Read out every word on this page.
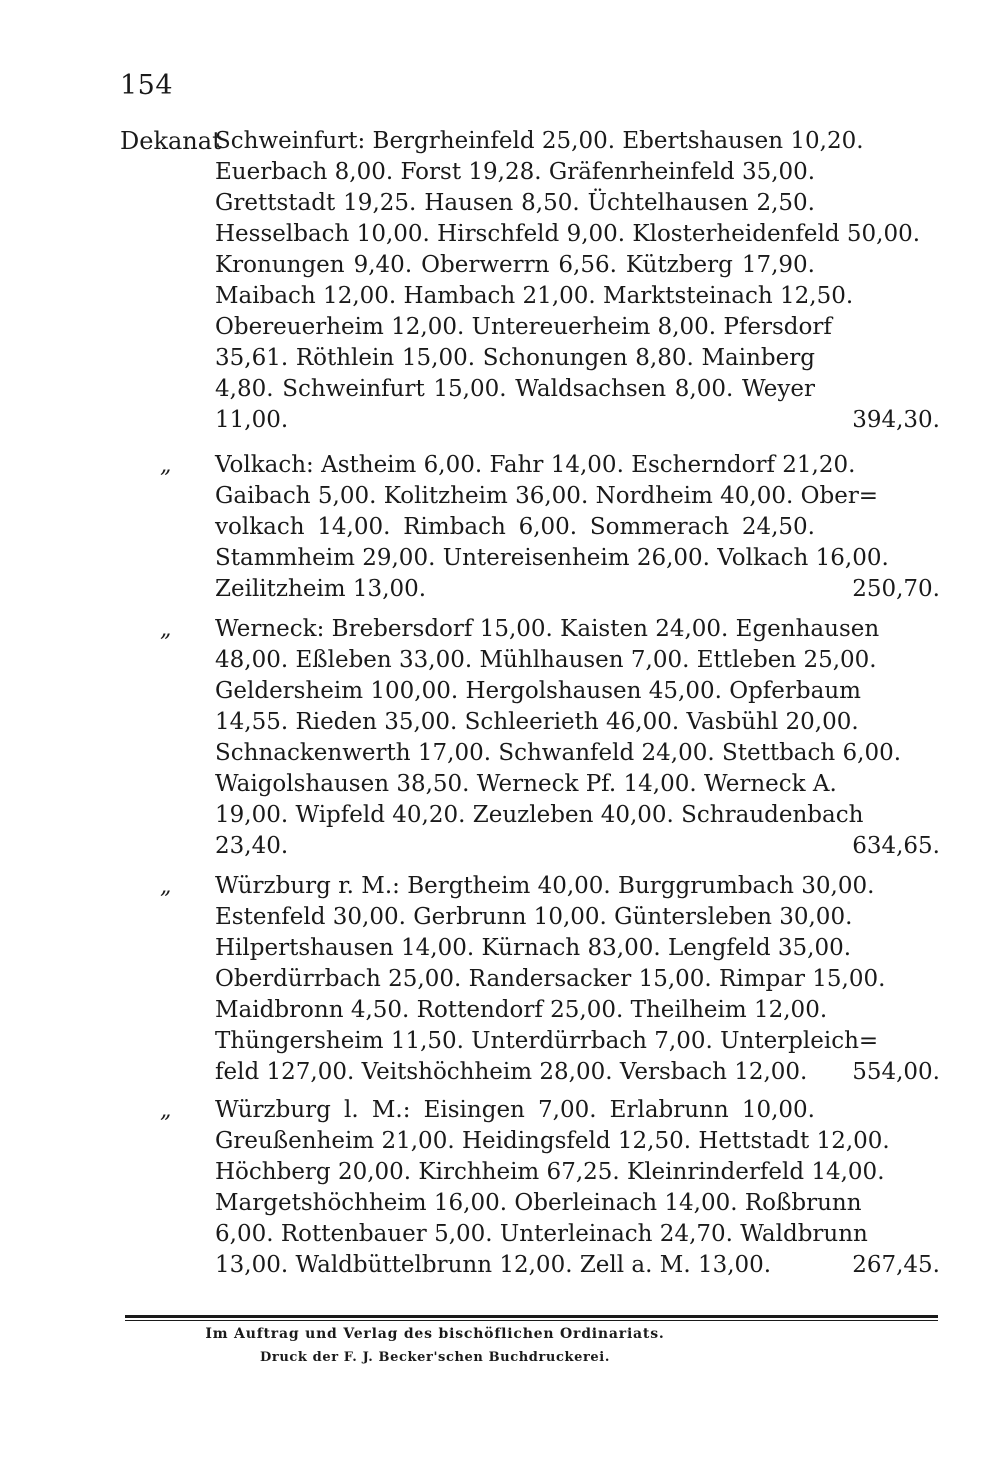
154
Dekanat
Schweinfurt: Bergrheinfeld 25,00. Ebertshausen 10,20.
Euerbach 8,00. Forst 19,28. Gräfenrheinfeld 35,00.
Grettstadt 19,25. Hausen 8,50. Üchtelhausen 2,50.
Hesselbach 10,00. Hirschfeld 9,00. Klosterheidenfeld 50,00.
Kronungen 9,40. Oberwerrn 6,56. Kützberg 17,90.
Maibach 12,00. Hambach 21,00. Marktsteinach 12,50.
Obereuerheim 12,00. Untereuerheim 8,00. Pfersdorf
35,61. Röthlein 15,00. Schonungen 8,80. Mainberg
4,80. Schweinfurt 15,00. Waldsachsen 8,00. Weyer
11,00.	394,30.
„ Volkach: Astheim 6,00. Fahr 14,00. Escherndorf 21,20.
Gaibach 5,00. Kolitzheim 36,00. Nordheim 40,00. Ober=
volkach 14,00. Rimbach 6,00. Sommerach 24,50.
Stammheim 29,00. Untereisenheim 26,00. Volkach 16,00.
Zeilitzheim 13,00.	250,70.
„ Werneck: Brebersdorf 15,00. Kaisten 24,00. Egenhausen
48,00. Eßleben 33,00. Mühlhausen 7,00. Ettleben 25,00.
Geldersheim 100,00. Hergolshausen 45,00. Opferbaum
14,55. Rieden 35,00. Schleerieth 46,00. Vasbühl 20,00.
Schnackenwerth 17,00. Schwanfeld 24,00. Stettbach 6,00.
Waigolshausen 38,50. Werneck Pf. 14,00. Werneck A.
19,00. Wipfeld 40,20. Zeuzleben 40,00. Schraudenbach
23,40.	634,65.
„ Würzburg r. M.: Bergtheim 40,00. Burggrumbach 30,00.
Estenfeld 30,00. Gerbrunn 10,00. Güntersleben 30,00.
Hilpertshausen 14,00. Kürnach 83,00. Lengfeld 35,00.
Oberdürrbach 25,00. Randersacker 15,00. Rimpar 15,00.
Maidbronn 4,50. Rottendorf 25,00. Theilheim 12,00.
Thüngersheim 11,50. Unterdürrbach 7,00. Unterpleich=
feld 127,00. Veitshöchheim 28,00. Versbach 12,00.	554,00.
„ Würzburg l. M.: Eisingen 7,00. Erlabrunn 10,00.
Greußenheim 21,00. Heidingsfeld 12,50. Hettstadt 12,00.
Höchberg 20,00. Kirchheim 67,25. Kleinrinderfeld 14,00.
Margetshöchheim 16,00. Oberleinach 14,00. Roßbrunn
6,00. Rottenbauer 5,00. Unterleinach 24,70. Waldbrunn
13,00. Waldbüttelbrunn 12,00. Zell a. M. 13,00.	267,45.
Im Auftrag und Verlag des bischöflichen Ordinariats.
Druck der F. J. Becker'schen Buchdruckerei.
